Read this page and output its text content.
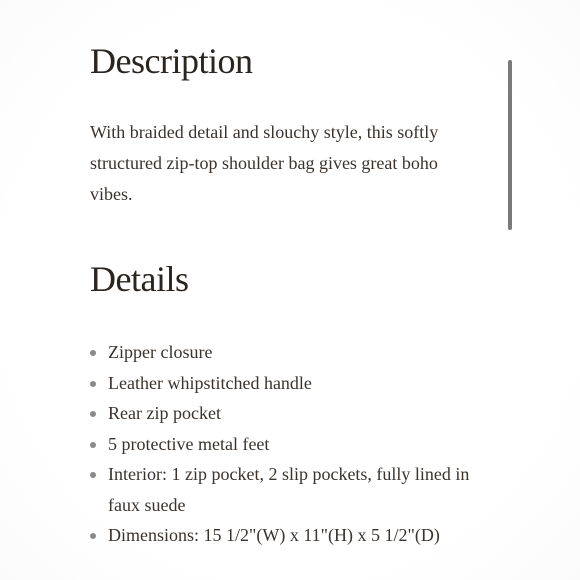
Description

With braided detail and slouchy style, this softly structured zip-top shoulder bag gives great boho vibes.

Details
Zipper closure
Leather whipstitched handle
Rear zip pocket
5 protective metal feet
Interior: 1 zip pocket, 2 slip pockets, fully lined in faux suede
Dimensions: 15 1/2"(W) x 11"(H) x 5 1/2"(D)
